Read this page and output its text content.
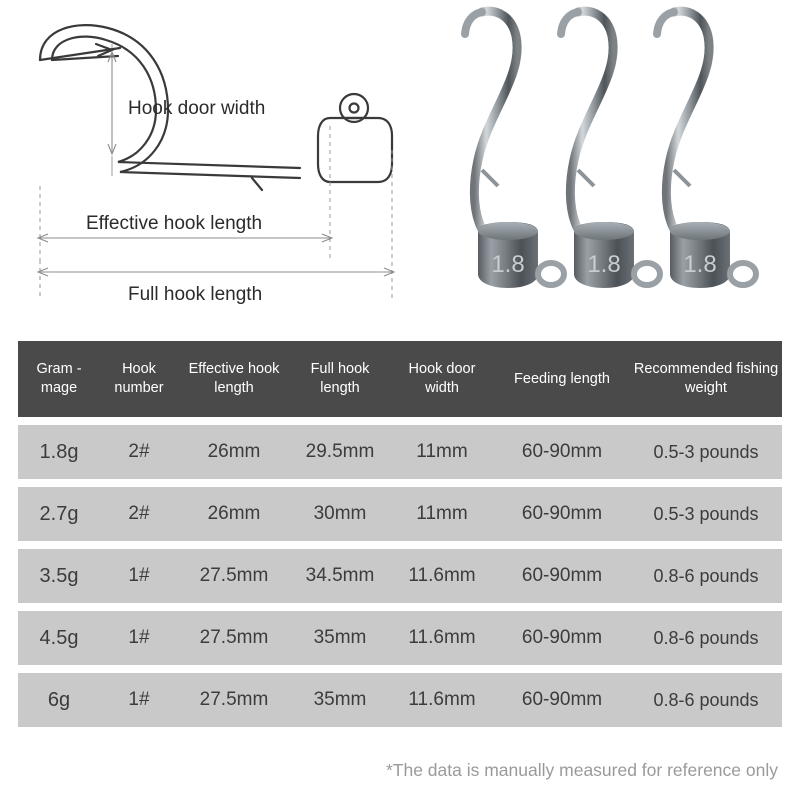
1.8	1.8	1.8
Hook door width
Effective hook length
Full hook length
Gram -mage	Hook number	Effective hook length	Full hook length	Hook door width	Feeding length	Recommended fishing weight
1.8g	2#	26mm	29.5mm	11mm	60-90mm	0.5-3 pounds
2.7g	2#	26mm	30mm	11mm	60-90mm	0.5-3 pounds
3.5g	1#	27.5mm	34.5mm	11.6mm	60-90mm	0.8-6 pounds
4.5g	1#	27.5mm	35mm	11.6mm	60-90mm	0.8-6 pounds
6g	1#	27.5mm	35mm	11.6mm	60-90mm	0.8-6 pounds
*The data is manually measured for reference only
